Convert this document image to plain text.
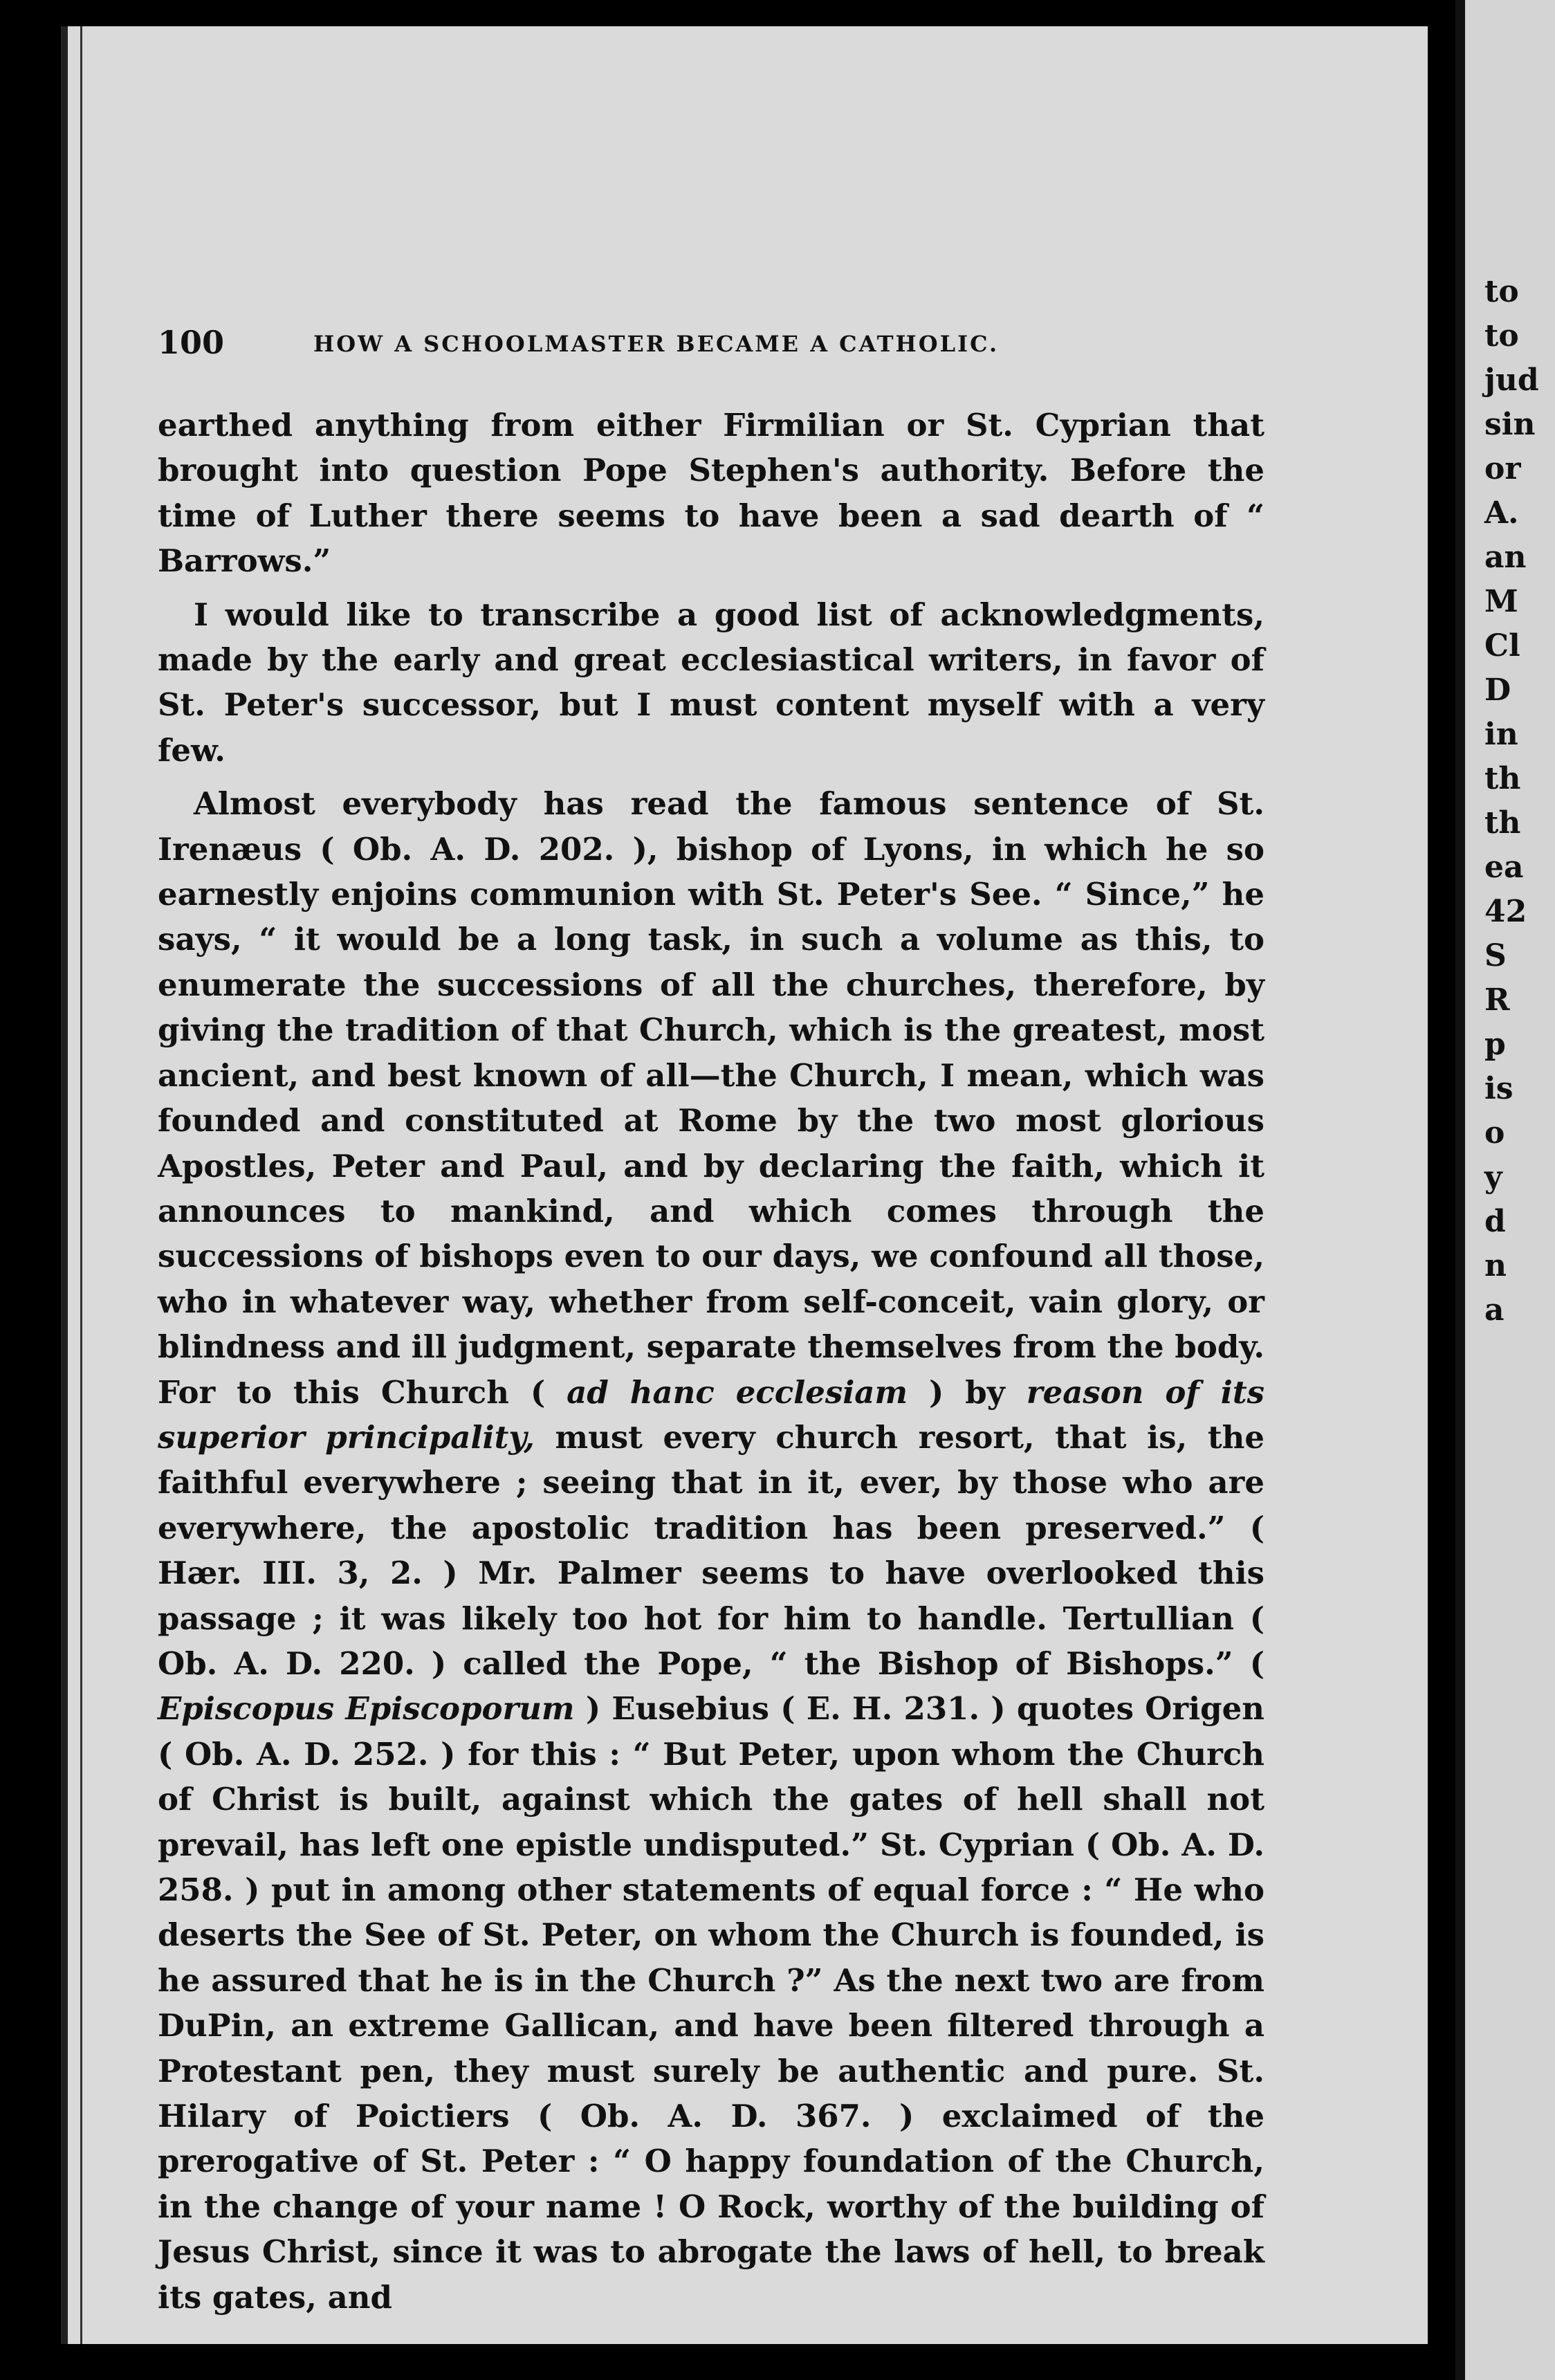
100	HOW A SCHOOLMASTER BECAME A CATHOLIC.

earthed anything from either Firmilian or St. Cyprian that brought into question Pope Stephen's authority. Before the time of Luther there seems to have been a sad dearth of “ Barrows.”

I would like to transcribe a good list of acknowledgments, made by the early and great ecclesiastical writers, in favor of St. Peter's successor, but I must content myself with a very few.

Almost everybody has read the famous sentence of St. Irenæus ( Ob. A. D. 202. ), bishop of Lyons, in which he so earnestly enjoins communion with St. Peter's See. “ Since,” he says, “ it would be a long task, in such a volume as this, to enumerate the successions of all the churches, therefore, by giving the tradition of that Church, which is the greatest, most ancient, and best known of all—the Church, I mean, which was founded and constituted at Rome by the two most glorious Apostles, Peter and Paul, and by declaring the faith, which it announces to mankind, and which comes through the successions of bishops even to our days, we confound all those, who in whatever way, whether from self-conceit, vain glory, or blindness and ill judgment, separate themselves from the body. For to this Church ( ad hanc ecclesiam ) by reason of its superior principality, must every church resort, that is, the faithful everywhere ; seeing that in it, ever, by those who are everywhere, the apostolic tradition has been preserved.” ( Hær. III. 3, 2. ) Mr. Palmer seems to have overlooked this passage ; it was likely too hot for him to handle. Tertullian ( Ob. A. D. 220. ) called the Pope, “ the Bishop of Bishops.” ( Episcopus Episcoporum ) Eusebius ( E. H. 231. ) quotes Origen ( Ob. A. D. 252. ) for this : “ But Peter, upon whom the Church of Christ is built, against which the gates of hell shall not prevail, has left one epistle undisputed.” St. Cyprian ( Ob. A. D. 258. ) put in among other statements of equal force : “ He who deserts the See of St. Peter, on whom the Church is founded, is he assured that he is in the Church ?” As the next two are from DuPin, an extreme Gallican, and have been filtered through a Protestant pen, they must surely be authentic and pure. St. Hilary of Poictiers ( Ob. A. D. 367. ) exclaimed of the prerogative of St. Peter : “ O happy foundation of the Church, in the change of your name ! O Rock, worthy of the building of Jesus Christ, since it was to abrogate the laws of hell, to break its gates, and

to
to
jud
sin
or
A.
an
M
Cl
D
in
th
th
ea
42
S
R
p
is
o
y
d
n
a
